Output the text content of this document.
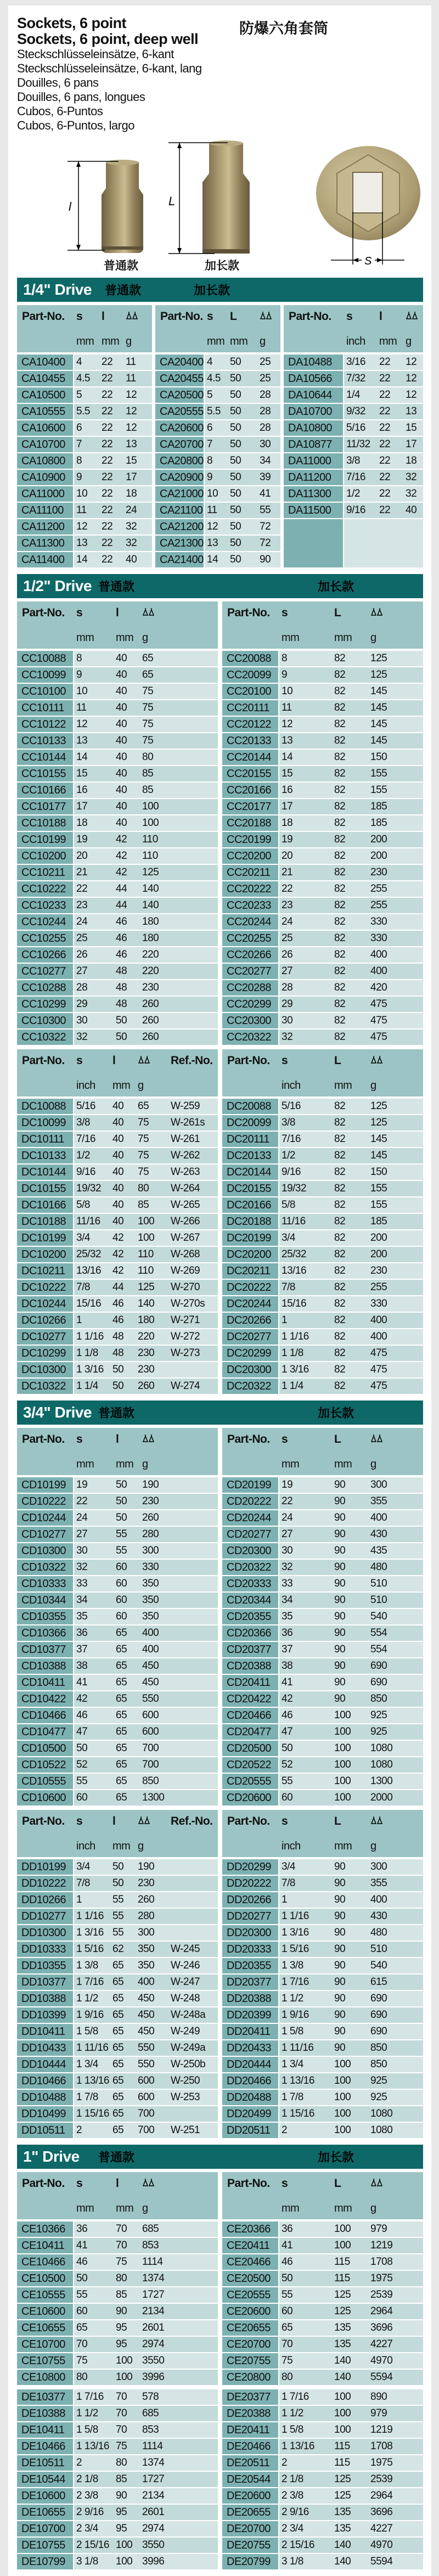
Sockets, 6 point
Sockets, 6 point, deep well
Steckschlüsseleinsätze, 6-kant
Steckschlüsseleinsätze, 6-kant, lang
Douilles, 6 pans
Douilles, 6 pans, longues
Cubos, 6-Puntos
Cubos, 6-Puntos, largo
防爆六角套筒
l	L
S
普通款	加长款
1/4" Drive 普通款	加长款
Part-No.	s
mm
l
mm g
CA10400	4	22	11
CA10455	4.5	22	11
CA10500	5	22	12
CA10555	5.5	22	12
CA10600	6	22	12
CA10700	7	22	13
CA10800	8	22	15
CA10900	9	22	17
CA11000	10	22	18
CA11100	11	22	24
CA11200	12	22	32
CA11300	13	22	32
CA11400	14	22	40
Part-No. s
mm
L
mm	g
CA20400 4	50	25
CA20455 4.5 50	25
CA20500 5	50	28
CA20555 5.5 50	28
CA20600 6	50	28
CA20700 7	50	30
CA20800 8	50	34
CA20900 9	50	39
CA21000 10	50	41
CA21100 11	50	55
CA21200 12	50	72
CA21300 13	50	72
CA21400 14	50	90
Part-No.	s
inch
l
mm g
DA10488	3/16	22	12
DA10566	7/32	22	12
DA10644	1/4	22	12
DA10700	9/32	22	13
DA10800	5/16	22	15
DA10877	11/32 22	17
DA11000	3/8	22	18
DA11200	7/16	22	32
DA11300	1/2	22	32
DA11500	9/16	22	40
1/2" Drive 普通款	加长款
Part-No.	s
mm
l
mm g
CC10088 8	40	65
CC10099 9	40	65
CC10100 10	40	75
CC10111	11	40	75
CC10122 12	40	75
CC10133 13	40	75
CC10144 14	40	80
CC10155 15	40	85
CC10166 16	40	85
CC10177 17	40	100
CC10188 18	40	100
CC10199 19	42	110
CC10200 20	42	110
CC10211	21	42	125
CC10222 22	44	140
CC10233 23	44	140
CC10244 24	46	180
CC10255 25	46	180
CC10266 26	46	220
CC10277 27	48	220
CC10288 28	48	230
CC10299 29	48	260
CC10300 30	50	260
CC10322 32	50	260
Part-No.	s
mm
L
mm	g
CC20088 8	82	125
CC20099 9	82	125
CC20100 10	82	145
CC20111	11	82	145
CC20122 12	82	145
CC20133 13	82	145
CC20144 14	82	150
CC20155 15	82	155
CC20166 16	82	155
CC20177 17	82	185
CC20188 18	82	185
CC20199 19	82	200
CC20200 20	82	200
CC20211	21	82	230
CC20222 22	82	255
CC20233 23	82	255
CC20244 24	82	330
CC20255 25	82	330
CC20266 26	82	400
CC20277 27	82	400
CC20288 28	82	420
CC20299 29	82	475
CC20300 30	82	475
CC20322 32	82	475
Part-No.	s
inch
l
mm g
Ref.-No.
DC10088 5/16	40	65	W-259
DC10099 3/8	40	75	W-261s
DC10111	7/16	40	75	W-261
DC10133 1/2	40	75	W-262
DC10144 9/16	40	75	W-263
DC10155 19/32	40	80	W-264
DC10166 5/8	40	85	W-265
DC10188 11/16	40	100	W-266
DC10199 3/4	42	100	W-267
DC10200 25/32	42	110	W-268
DC10211	13/16	42	110	W-269
DC10222 7/8	44	125	W-270
DC10244 15/16	46	140	W-270s
DC10266 1	46	180	W-271
DC10277 1 1/16 48	220	W-272
DC10299 1 1/8	48	230	W-273
DC10300 1 3/16 50	230
DC10322 1 1/4	50	260	W-274
Part-No.	s
inch
L
mm	g
DC20088 5/16	82	125
DC20099 3/8	82	125
DC20111	7/16	82	145
DC20133 1/2	82	145
DC20144 9/16	82	150
DC20155 19/32	82	155
DC20166 5/8	82	155
DC20188 11/16	82	185
DC20199 3/4	82	200
DC20200 25/32	82	200
DC20211	13/16	82	230
DC20222 7/8	82	255
DC20244 15/16	82	330
DC20266 1	82	400
DC20277 1 1/16	82	400
DC20299 1 1/8	82	475
DC20300 1 3/16	82	475
DC20322 1 1/4	82	475
3/4" Drive 普通款	加长款
Part-No.	s
mm
l
mm g
CD10199 19	50	190
CD10222 22	50	230
CD10244 24	50	260
CD10277 27	55	280
CD10300 30	55	300
CD10322 32	60	330
CD10333 33	60	350
CD10344 34	60	350
CD10355 35	60	350
CD10366 36	65	400
CD10377 37	65	400
CD10388 38	65	450
CD10411	41	65	450
CD10422 42	65	550
CD10466 46	65	600
CD10477 47	65	600
CD10500 50	65	700
CD10522 52	65	700
CD10555 55	65	850
CD10600 60	65	1300
Part-No.	s
mm
L
mm	g
CD20199 19	90	300
CD20222 22	90	355
CD20244 24	90	400
CD20277 27	90	430
CD20300 30	90	435
CD20322 32	90	480
CD20333 33	90	510
CD20344 34	90	510
CD20355 35	90	540
CD20366 36	90	554
CD20377 37	90	554
CD20388 38	90	690
CD20411	41	90	690
CD20422 42	90	850
CD20466 46	100	925
CD20477 47	100	925
CD20500 50	100	1080
CD20522 52	100	1080
CD20555 55	100	1300
CD20600 60	100	2000
Part-No.	s
inch
l
mm g
Ref.-No.
DD10199 3/4	50	190
DD10222 7/8	50	230
DD10266 1	55	260
DD10277 1 1/16 55	280
DD10300 1 3/16 55	300
DD10333 1 5/16 62	350	W-245
DD10355 1 3/8	65	350	W-246
DD10377 1 7/16 65	400	W-247
DD10388 1 1/2	65	450	W-248
DD10399 1 9/16 65	450	W-248a
DD10411	1 5/8	65	450	W-249
DD10433 1 11/16 65	550	W-249a
DD10444 1 3/4	65	550	W-250b
DD10466 1 13/16 65	600	W-250
DD10488 1 7/8	65	600	W-253
DD10499 1 15/16 65	700
DD10511	2	65	700	W-251
Part-No.	s
inch
L
mm	g
DD20299 3/4	90	300
DD20222 7/8	90	355
DD20266 1	90	400
DD20277 1 1/16	90	430
DD20300 1 3/16	90	480
DD20333 1 5/16	90	510
DD20355 1 3/8	90	540
DD20377 1 7/16	90	615
DD20388 1 1/2	90	690
DD20399 1 9/16	90	690
DD20411	1 5/8	90	690
DD20433 1 11/16	90	850
DD20444 1 3/4	100	850
DD20466 1 13/16	100	925
DD20488 1 7/8	100	925
DD20499 1 15/16	100	1080
DD20511	2	100	1080
1" Drive 普通款	加长款
Part-No.	s
mm
l
mm g
CE10366	36	70	685
CE10411	41	70	853
CE10466	46	75	1114
CE10500	50	80	1374
CE10555	55	85	1727
CE10600	60	90	2134
CE10655	65	95	2601
CE10700	70	95	2974
CE10755	75	100 3550
CE10800	80	100 3996
Part-No.	s
mm
L
mm	g
CE20366	36	100	979
CE20411	41	100	1219
CE20466	46	115	1708
CE20500	50	115	1975
CE20555	55	125	2539
CE20600	60	125	2964
CE20655	65	135	3696
CE20700	70	135	4227
CE20755	75	140	4970
CE20800	80	140	5594
DE10377	1 7/16	70	578
DE10388	1 1/2	70	685
DE10411	1 5/8	70	853
DE10466	1 13/16 75	1114
DE10511	2	80	1374
DE10544	2 1/8	85	1727
DE10600	2 3/8	90	2134
DE10655	2 9/16	95	2601
DE10700	2 3/4	95	2974
DE10755	2 15/16 100 3550
DE10799	3 1/8	100 3996
DE20377	1 7/16	100	890
DE20388	1 1/2	100	979
DE20411	1 5/8	100	1219
DE20466	1 13/16	115	1708
DE20511	2	115	1975
DE20544	2 1/8	125	2539
DE20600	2 3/8	125	2964
DE20655	2 9/16	135	3696
DE20700	2 3/4	135	4227
DE20755	2 15/16	140	4970
DE20799	3 1/8	140	5594
